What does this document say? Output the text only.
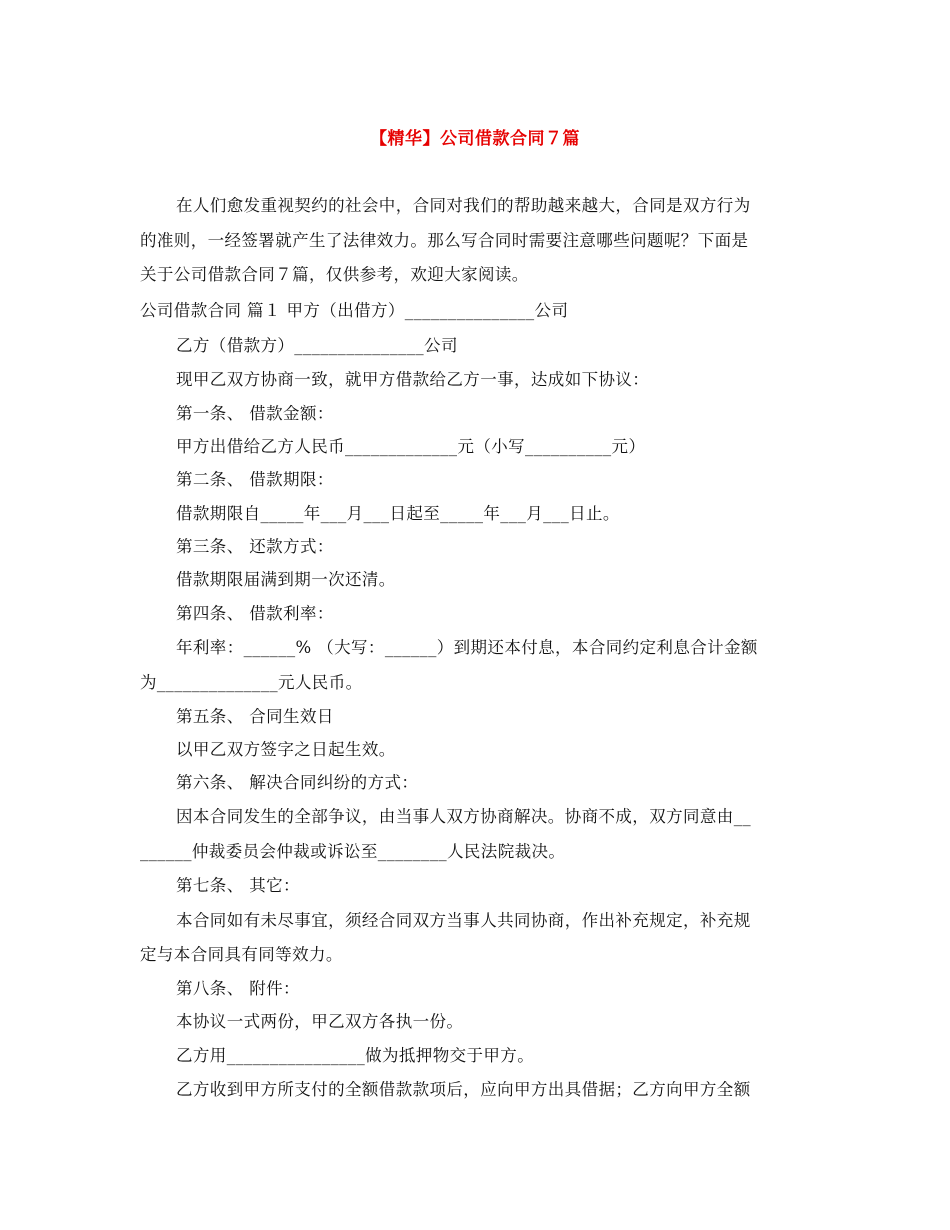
【精华】公司借款合同７篇
在人们愈发重视契约的社会中，合同对我们的帮助越来越大，合同是双方行为
的准则，一经签署就产生了法律效力。那么写合同时需要注意哪些问题呢？下面是
关于公司借款合同７篇，仅供参考，欢迎大家阅读。
公司借款合同 篇１ 甲方（出借方）_______________公司
乙方（借款方）_______________公司
现甲乙双方协商一致，就甲方借款给乙方一事，达成如下协议：
第一条、 借款金额：
甲方出借给乙方人民币_____________元（小写__________元）
第二条、 借款期限：
借款期限自_____年___月___日起至_____年___月___日止。
第三条、 还款方式：
借款期限届满到期一次还清。
第四条、 借款利率：
年利率：______% （大写：______）到期还本付息，本合同约定利息合计金额
为______________元人民币。
第五条、 合同生效日
以甲乙双方签字之日起生效。
第六条、 解决合同纠纷的方式：
因本合同发生的全部争议，由当事人双方协商解决。协商不成，双方同意由__
______仲裁委员会仲裁或诉讼至________人民法院裁决。
第七条、 其它：
本合同如有未尽事宜，须经合同双方当事人共同协商，作出补充规定，补充规
定与本合同具有同等效力。
第八条、 附件：
本协议一式两份，甲乙双方各执一份。
乙方用________________做为抵押物交于甲方。
乙方收到甲方所支付的全额借款款项后，应向甲方出具借据；乙方向甲方全额
